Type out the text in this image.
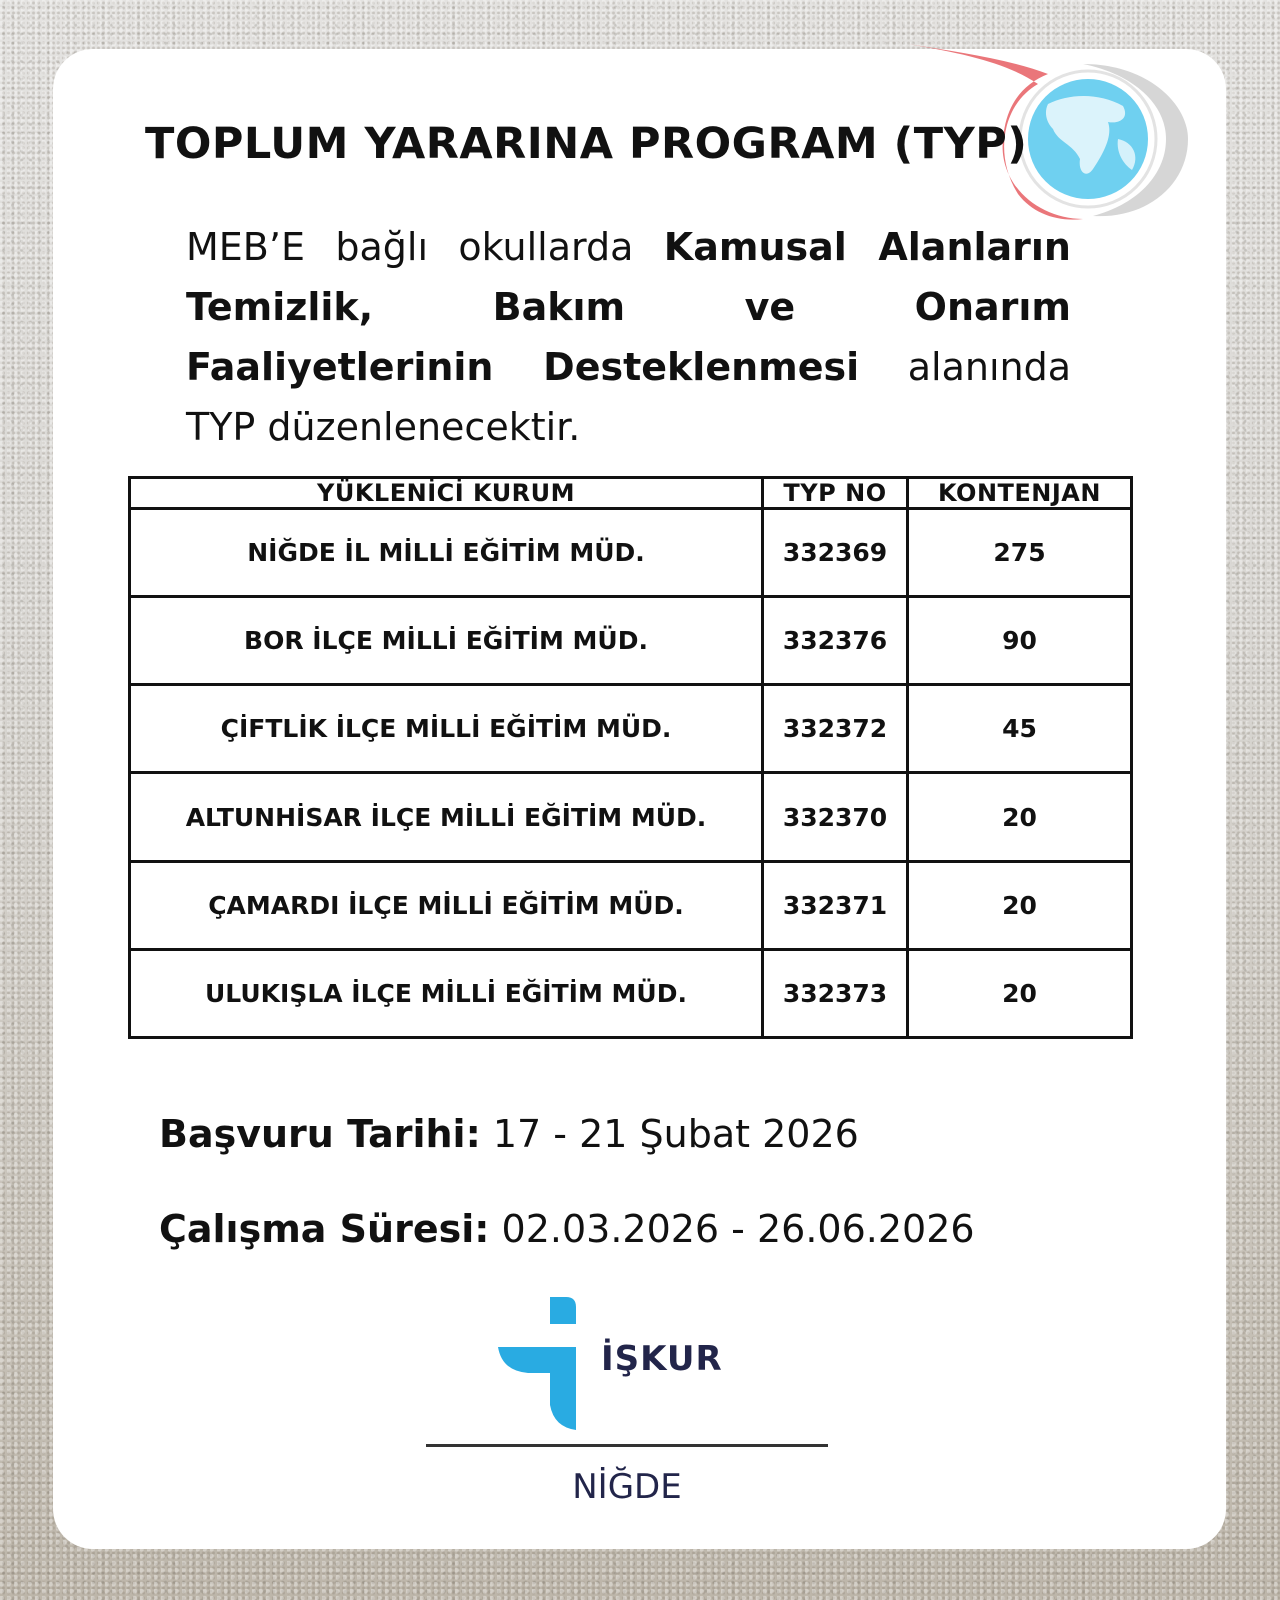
TOPLUM YARARINA PROGRAM (TYP)

MEB’E bağlı okullarda Kamusal Alanların Temizlik, Bakım ve Onarım Faaliyetlerinin Desteklenmesi alanında TYP düzenlenecektir.

YÜKLENİCİ KURUM	TYP NO	KONTENJAN
NİĞDE İL MİLLİ EĞİTİM MÜD.	332369	275
BOR İLÇE MİLLİ EĞİTİM MÜD.	332376	90
ÇİFTLİK İLÇE MİLLİ EĞİTİM MÜD.	332372	45
ALTUNHİSAR İLÇE MİLLİ EĞİTİM MÜD.	332370	20
ÇAMARDI İLÇE MİLLİ EĞİTİM MÜD.	332371	20
ULUKIŞLA İLÇE MİLLİ EĞİTİM MÜD.	332373	20

Başvuru Tarihi: 17 - 21 Şubat 2026

Çalışma Süresi: 02.03.2026 - 26.06.2026

İŞKUR

NİĞDE
